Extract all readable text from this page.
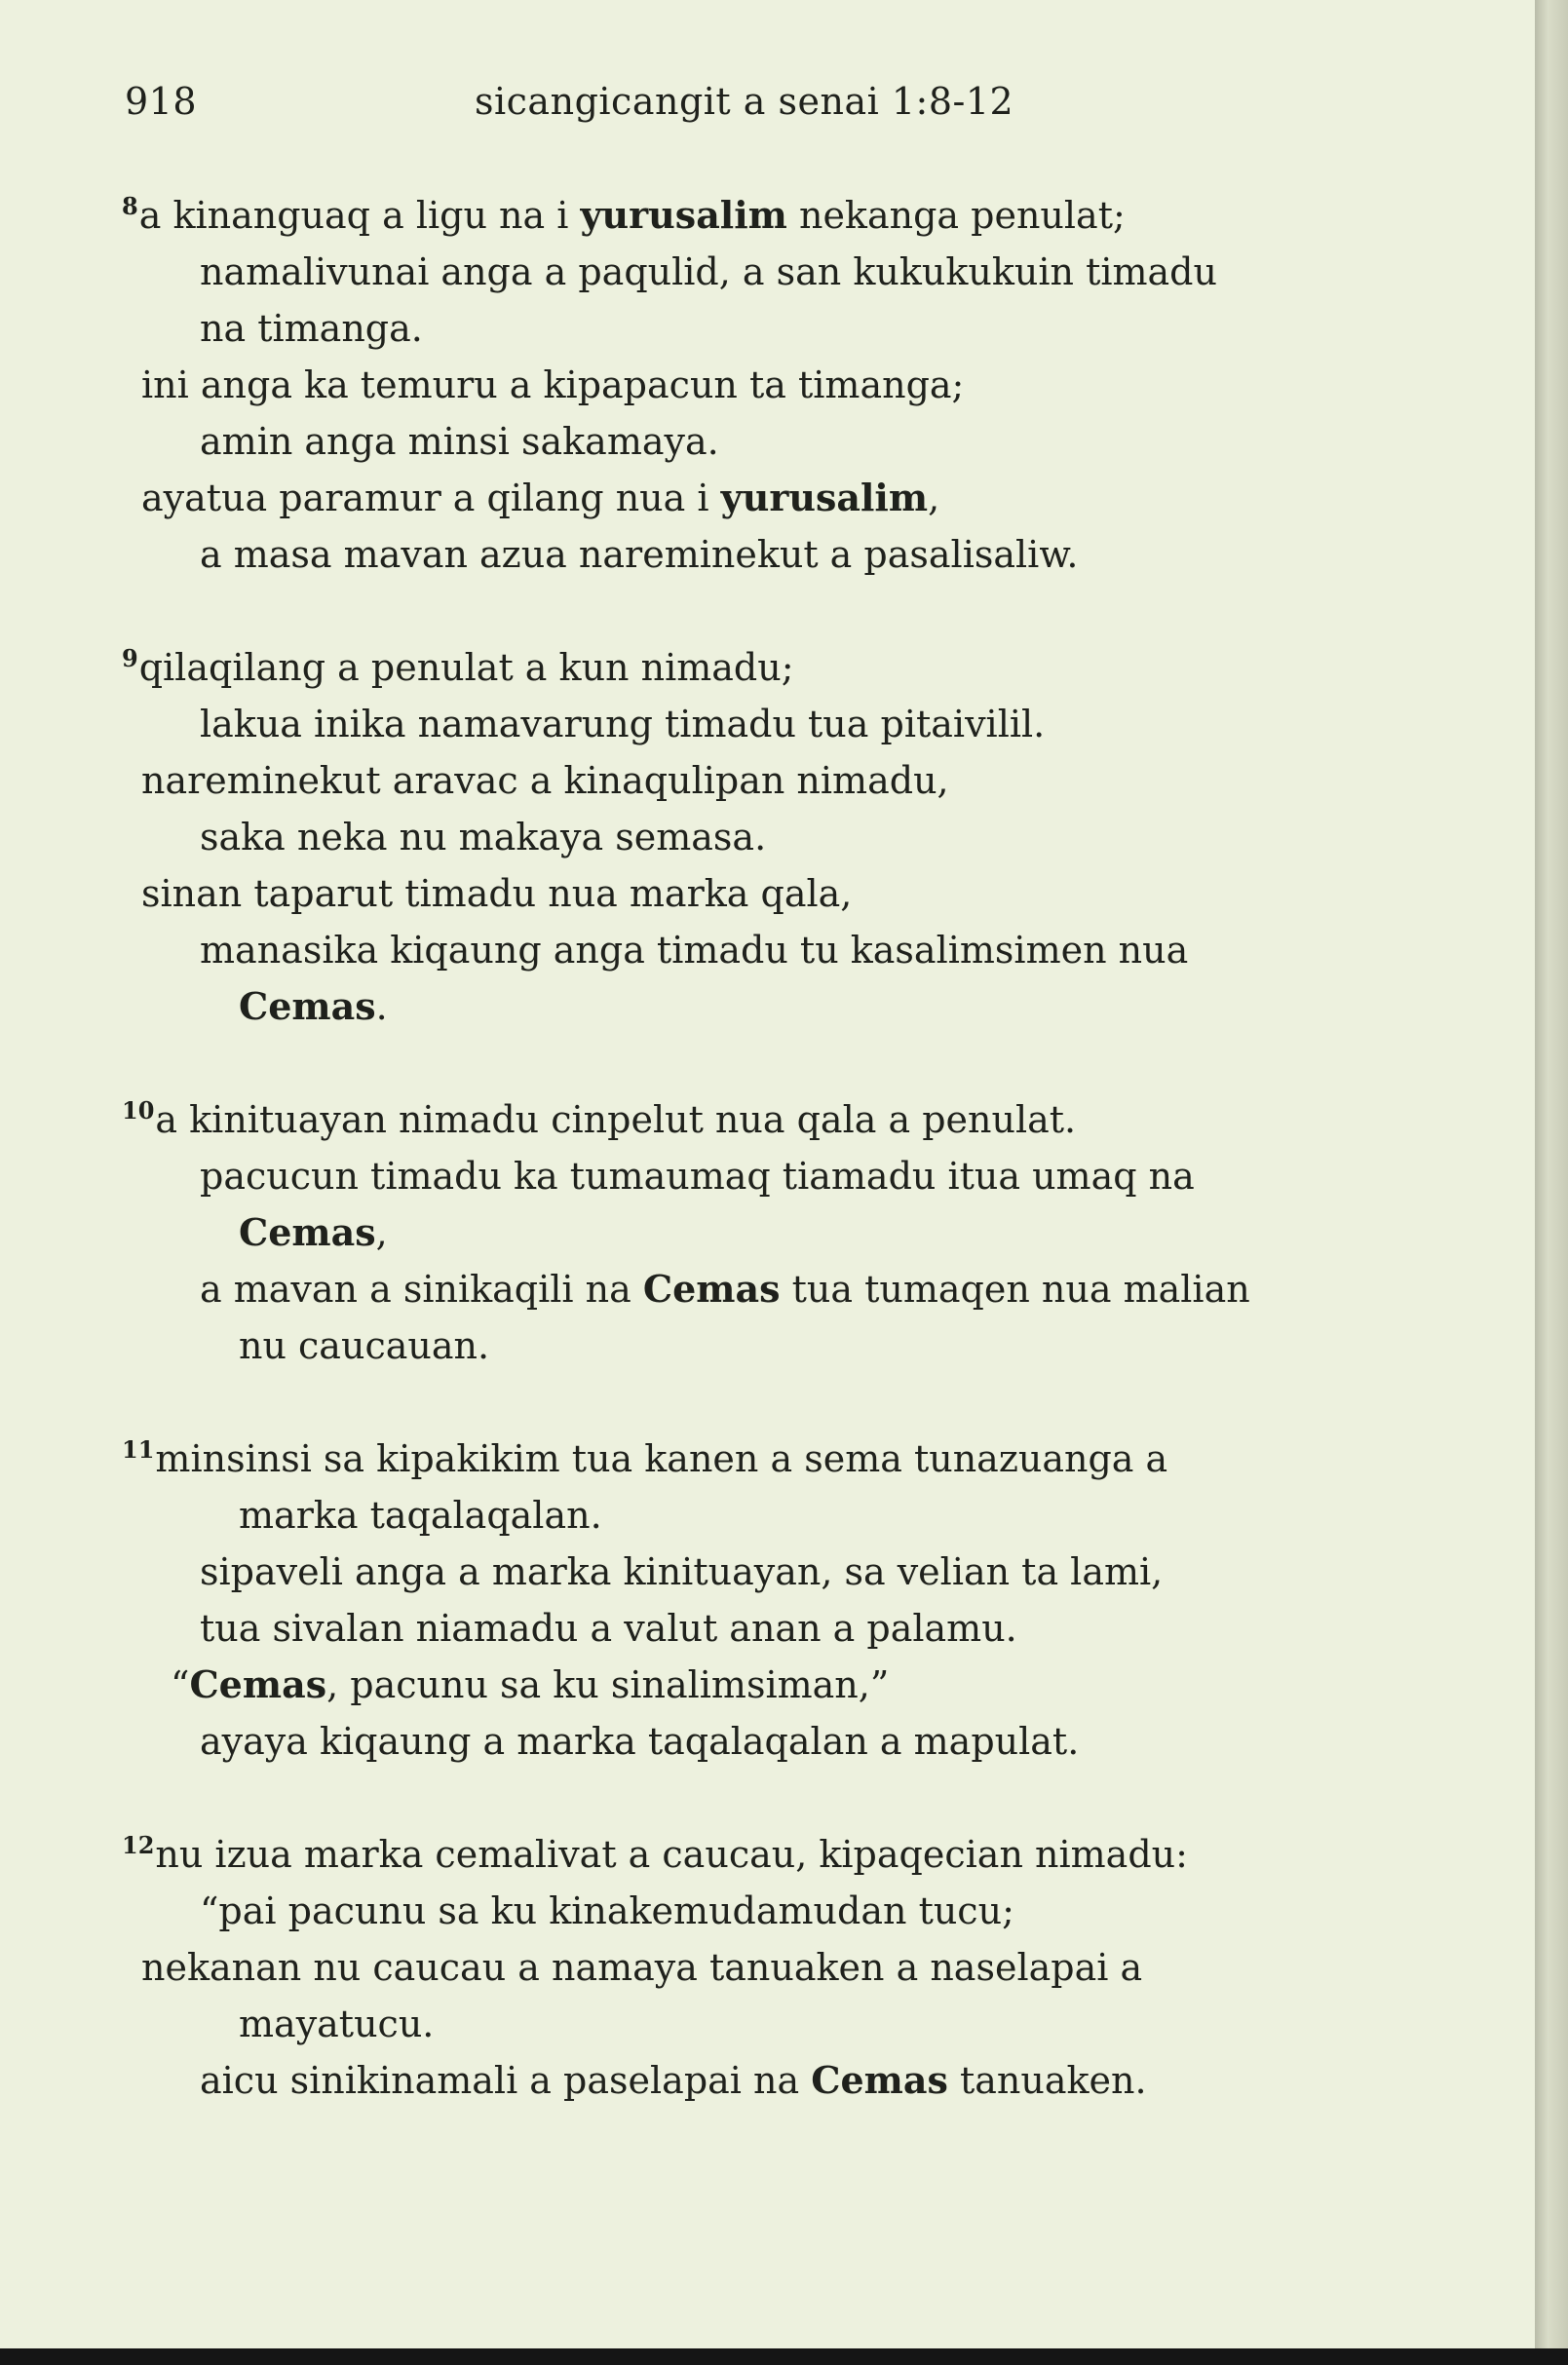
918	sicangicangit a senai 1:8-12
$^8$a kinanguaq a ligu na i yurusalim nekanga penulat;
namalivunai anga a paqulid, a san kukukukuin timadu
na timanga.
ini anga ka temuru a kipapacun ta timanga;
amin anga minsi sakamaya.
ayatua paramur a qilang nua i yurusalim,
a masa mavan azua nareminekut a pasalisaliw.
$^9$qilaqilang a penulat a kun nimadu;
lakua inika namavarung timadu tua pitaivilil.
nareminekut aravac a kinaqulipan nimadu,
saka neka nu makaya semasa.
sinan taparut timadu nua marka qala,
manasika kiqaung anga timadu tu kasalimsimen nua
Cemas.
$^{10}$a kinituayan nimadu cinpelut nua qala a penulat.
pacucun timadu ka tumaumaq tiamadu itua umaq na
Cemas,
a mavan a sinikaqili na Cemas tua tumaqen nua malian
nu caucauan.
$^{11}$minsinsi sa kipakikim tua kanen a sema tunazuanga a
marka taqalaqalan.
sipaveli anga a marka kinituayan, sa velian ta lami,
tua sivalan niamadu a valut anan a palamu.
“Cemas, pacunu sa ku sinalimsiman,”
ayaya kiqaung a marka taqalaqalan a mapulat.
$^{12}$nu izua marka cemalivat a caucau, kipaqecian nimadu:
“pai pacunu sa ku kinakemudamudan tucu;
nekanan nu caucau a namaya tanuaken a naselapai a
mayatucu.
aicu sinikinamali a paselapai na Cemas tanuaken.
